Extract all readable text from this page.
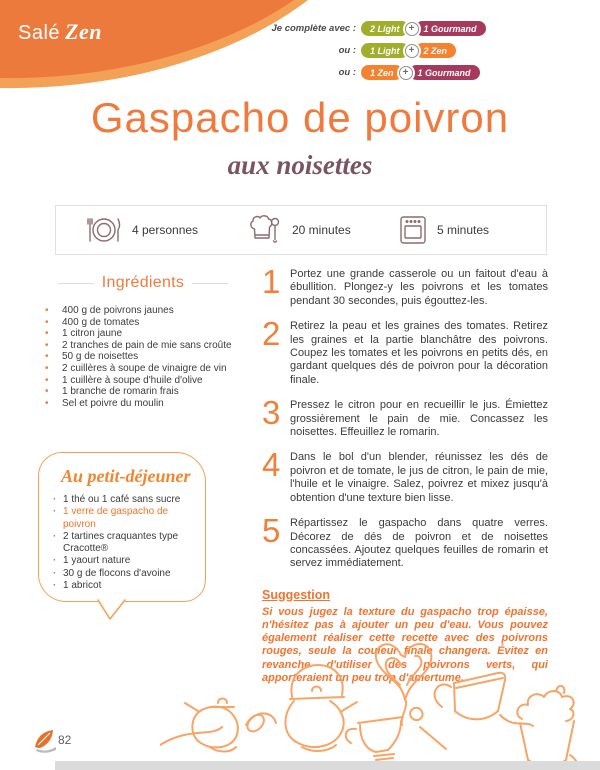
Salé Zen	Je complète avec :	2 Light +	1 Gourmand
ou :	1 Light +	2 Zen
ou :	1 Zen +	1 Gourmand
Gaspacho de poivron
aux noisettes
4 personnes	20 minutes	5 minutes
Ingrédients
• 400 g de poivrons jaunes
• 400 g de tomates
• 1 citron jaune
• 2 tranches de pain de mie sans croûte
• 50 g de noisettes
• 2 cuillères à soupe de vinaigre de vin
• 1 cuillère à soupe d'huile d'olive
• 1 branche de romarin frais
• Sel et poivre du moulin
Au petit-déjeuner
· 1 thé ou 1 café sans sucre
· 1 verre de gaspacho de poivron
· 2 tartines craquantes type Cracotte®
· 1 yaourt nature
· 30 g de flocons d'avoine
· 1 abricot
1 Portez une grande casserole ou un faitout d'eau à ébullition. Plongez-y les poivrons et les tomates pendant 30 secondes, puis égouttez-les.
2 Retirez la peau et les graines des tomates. Retirez les graines et la partie blanchâtre des poivrons. Coupez les tomates et les poivrons en petits dés, en gardant quelques dés de poivron pour la décoration finale.
3 Pressez le citron pour en recueillir le jus. Émiettez grossièrement le pain de mie. Concassez les noisettes. Effeuillez le romarin.
4 Dans le bol d'un blender, réunissez les dés de poivron et de tomate, le jus de citron, le pain de mie, l'huile et le vinaigre. Salez, poivrez et mixez jusqu'à obtention d'une texture bien lisse.
5 Répartissez le gaspacho dans quatre verres. Décorez de dés de poivron et de noisettes concassées. Ajoutez quelques feuilles de romarin et servez immédiatement.
Suggestion

Si vous jugez la texture du gaspacho trop épaisse, n'hésitez pas à ajouter un peu d'eau. Vous pouvez également réaliser cette recette avec des poivrons rouges, seule la couleur finale changera. Évitez en revanche d'utiliser des poivrons verts, qui apporteraient un peu trop d'amertume.

82
